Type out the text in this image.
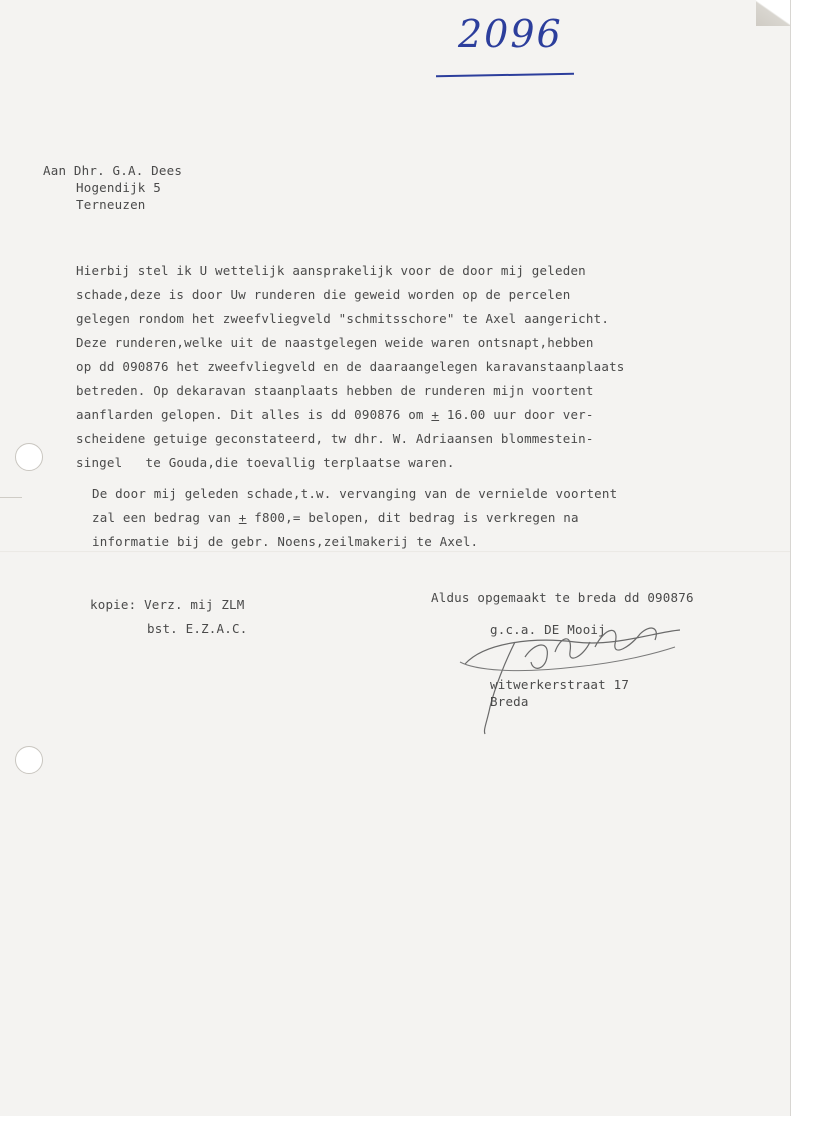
2096
Aan Dhr. G.A. Dees
Hogendijk 5
Terneuzen
Hierbij stel ik U wettelijk aansprakelijk voor de door mij geleden
schade,deze is door Uw runderen die geweid worden op de percelen
gelegen rondom het zweefvliegveld "schmitsschore" te Axel aangericht.
Deze runderen,welke uit de naastgelegen weide waren ontsnapt,hebben
op dd 090876 het zweefvliegveld en de daaraangelegen karavanstaanplaats
betreden. Op dekaravan staanplaats hebben de runderen mijn voortent
aanflarden gelopen. Dit alles is dd 090876 om + 16.00 uur door ver-
scheidene getuige geconstateerd, tw dhr. W. Adriaansen blommestein-
singel   te Gouda,die toevallig terplaatse waren.
De door mij geleden schade,t.w. vervanging van de vernielde voortent
zal een bedrag van + f800,= belopen, dit bedrag is verkregen na
informatie bij de gebr. Noens,zeilmakerij te Axel.
Aldus opgemaakt te breda dd 090876
kopie: Verz. mij ZLM
bst. E.Z.A.C.	g.c.a. DE Mooij
witwerkerstraat 17
Breda
